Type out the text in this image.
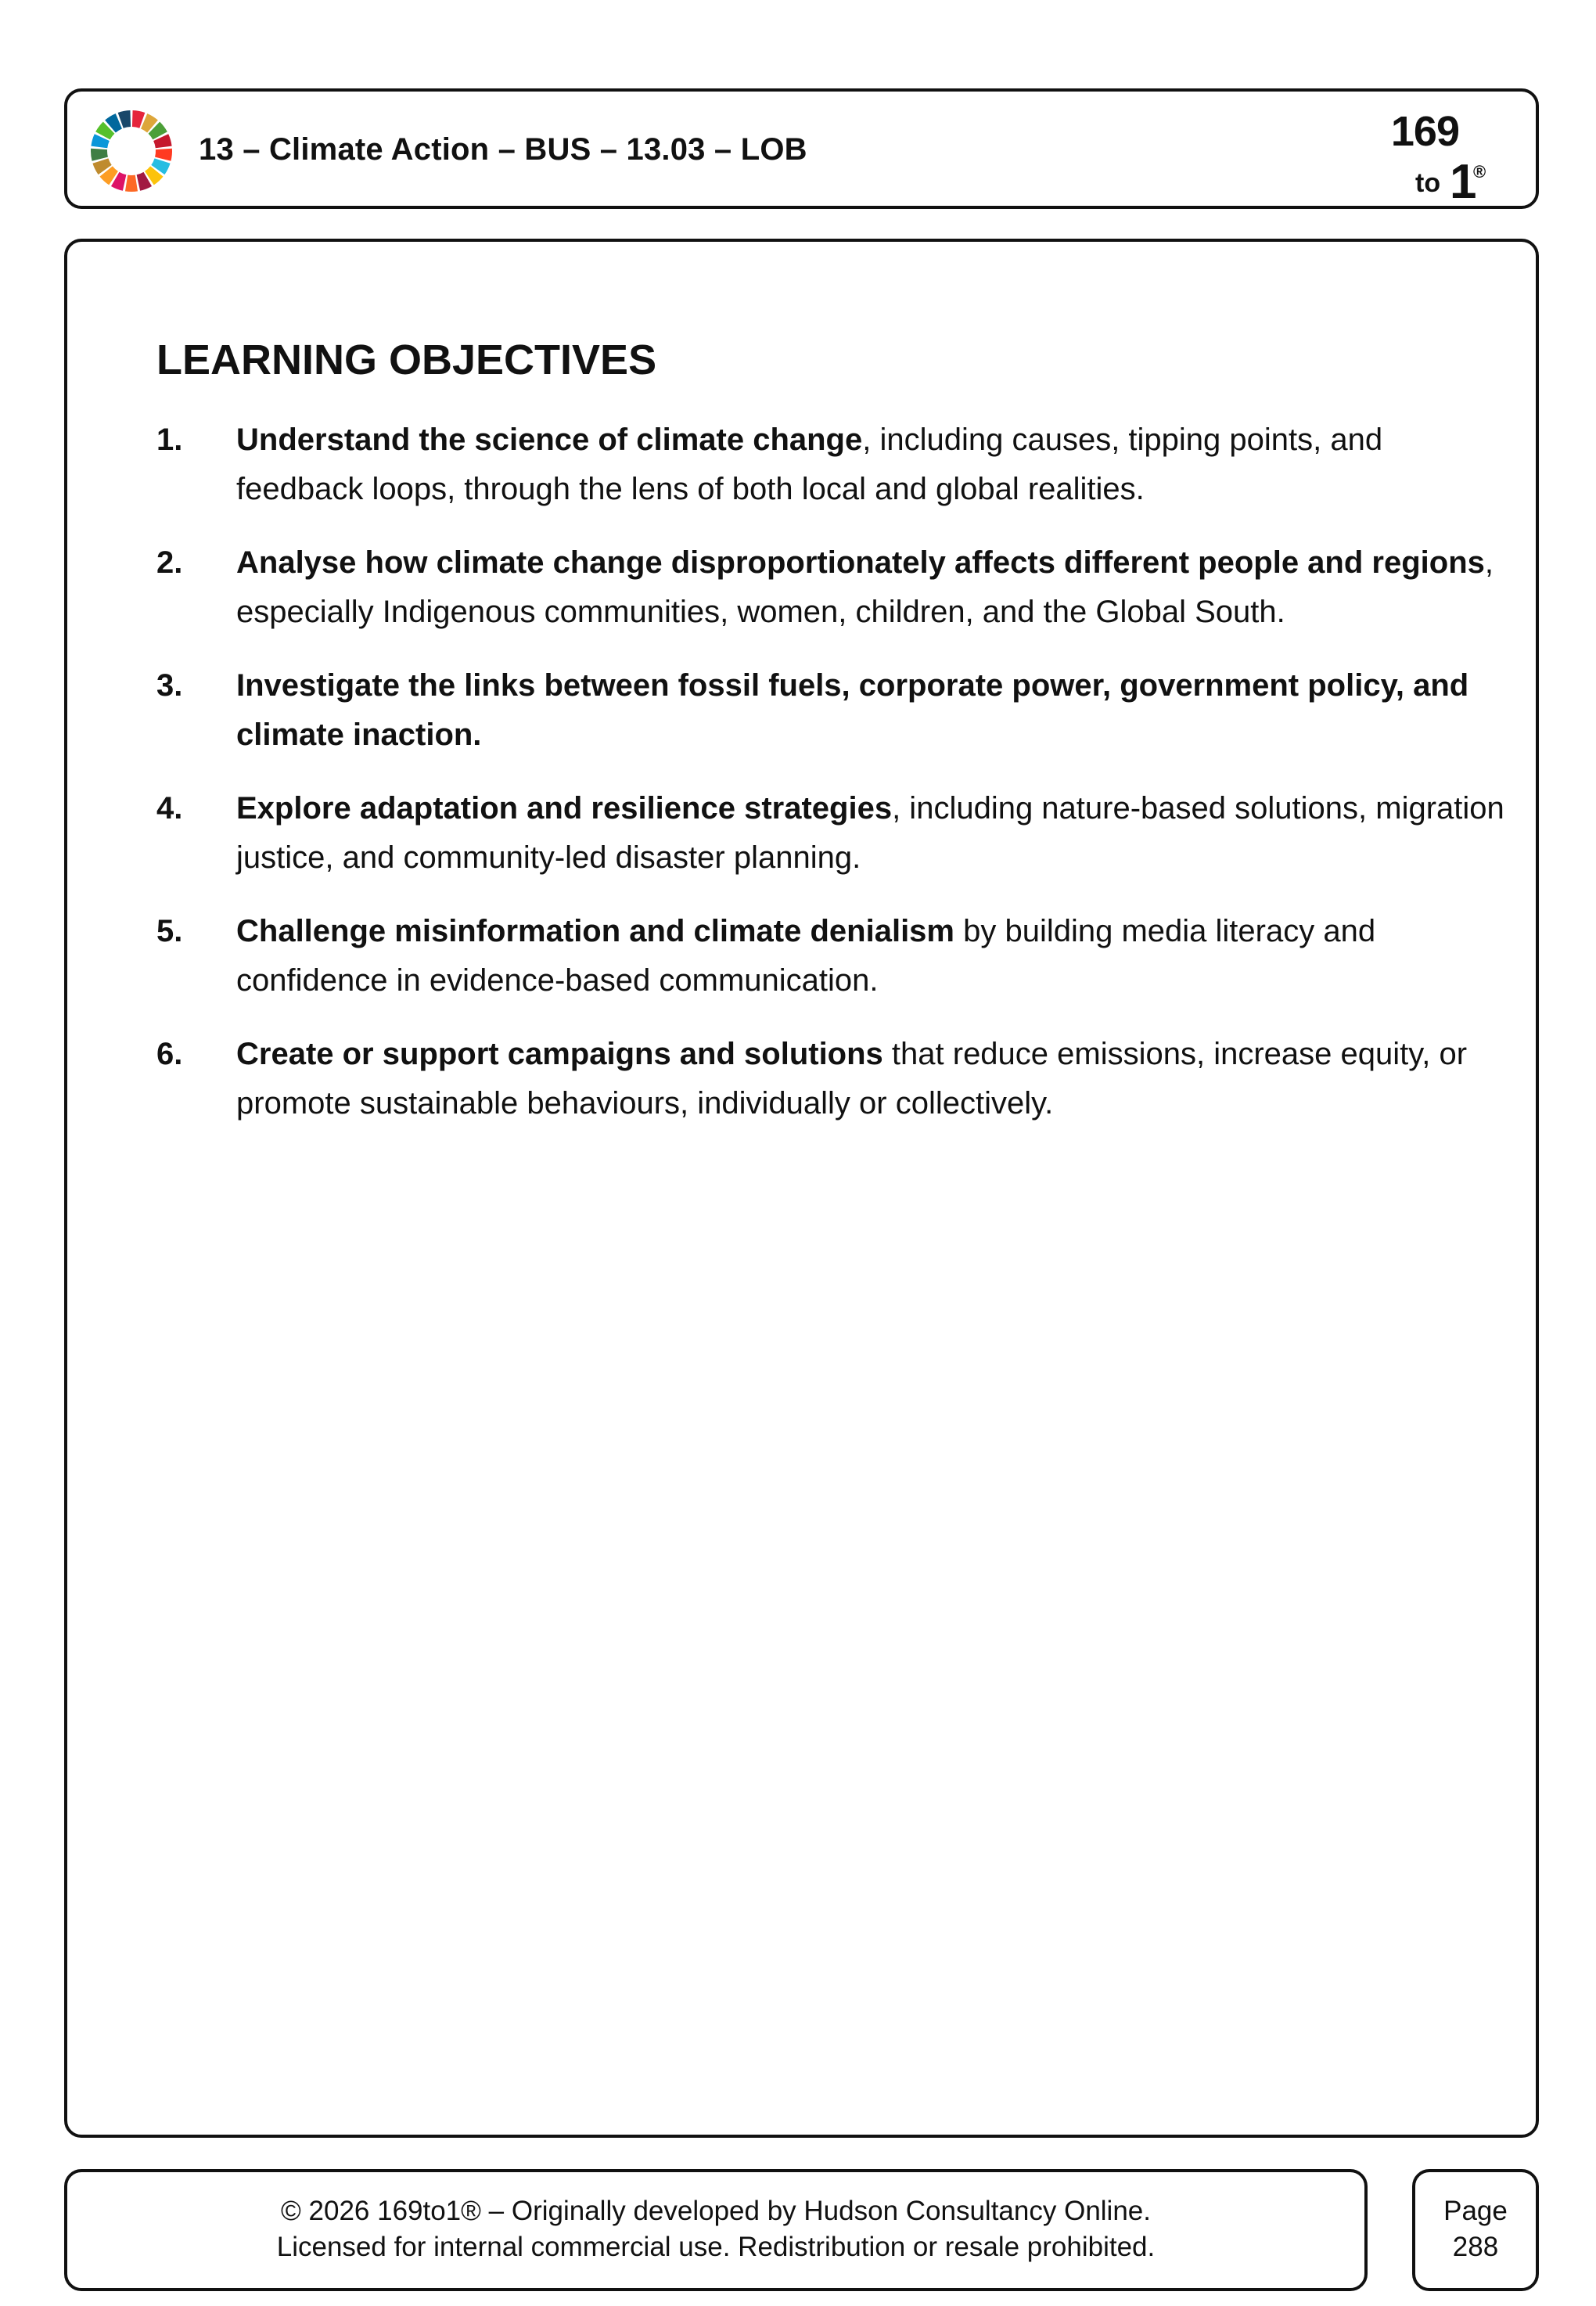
13 – Climate Action – BUS – 13.03 – LOB	169
to 1
®
LEARNING OBJECTIVES
1. Understand the science of climate change, including causes, tipping points, and feedback loops, through the lens of both local and global realities.
2. Analyse how climate change disproportionately affects different people and regions, especially Indigenous communities, women, children, and the Global South.
3. Investigate the links between fossil fuels, corporate power, government policy, and climate inaction.
4. Explore adaptation and resilience strategies, including nature-based solutions, migration justice, and community-led disaster planning.
5. Challenge misinformation and climate denialism by building media literacy and confidence in evidence-based communication.
6. Create or support campaigns and solutions that reduce emissions, increase equity, or promote sustainable behaviours, individually or collectively.
© 2026 169to1® – Originally developed by Hudson Consultancy Online.
Licensed for internal commercial use. Redistribution or resale prohibited.
Page
288
